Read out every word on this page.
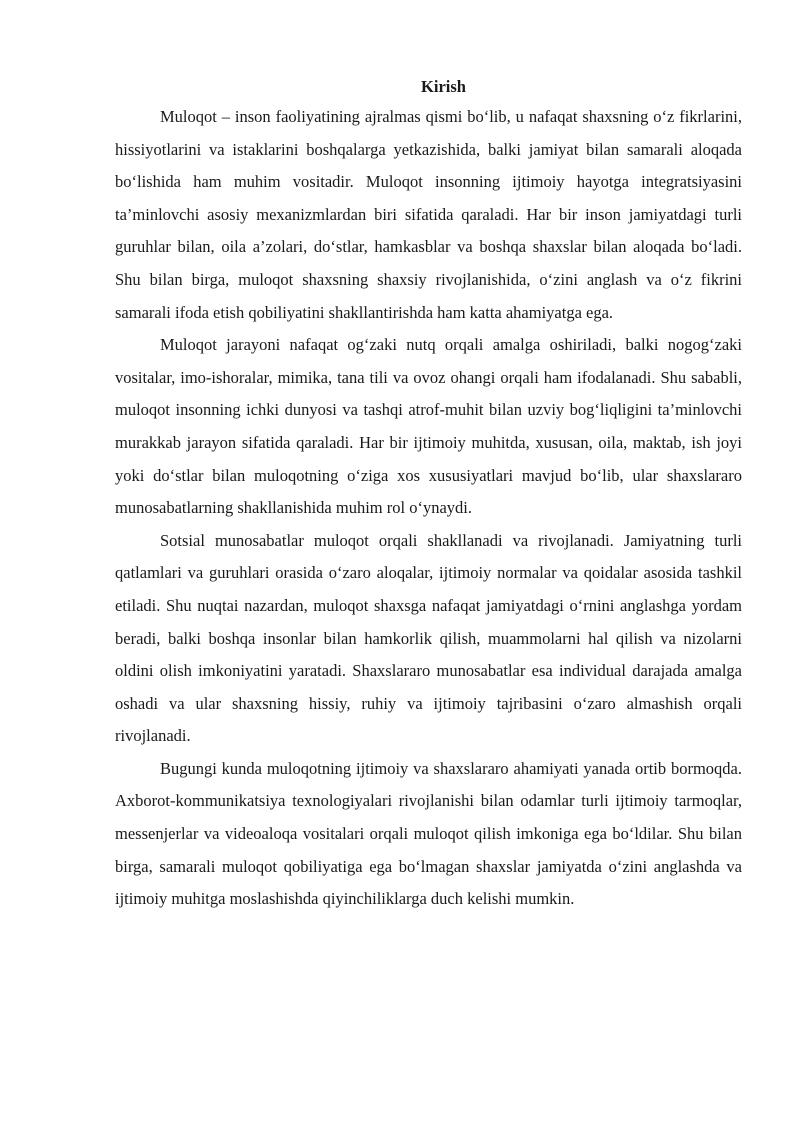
Kirish

Muloqot – inson faoliyatining ajralmas qismi bo‘lib, u nafaqat shaxsning o‘z fikrlarini, hissiyotlarini va istaklarini boshqalarga yetkazishida, balki jamiyat bilan samarali aloqada bo‘lishida ham muhim vositadir. Muloqot insonning ijtimoiy hayotga integratsiyasini ta’minlovchi asosiy mexanizmlardan biri sifatida qaraladi. Har bir inson jamiyatdagi turli guruhlar bilan, oila a’zolari, do‘stlar, hamkasblar va boshqa shaxslar bilan aloqada bo‘ladi. Shu bilan birga, muloqot shaxsning shaxsiy rivojlanishida, o‘zini anglash va o‘z fikrini samarali ifoda etish qobiliyatini shakllantirishda ham katta ahamiyatga ega.

Muloqot jarayoni nafaqat og‘zaki nutq orqali amalga oshiriladi, balki nogog‘zaki vositalar, imo-ishoralar, mimika, tana tili va ovoz ohangi orqali ham ifodalanadi. Shu sababli, muloqot insonning ichki dunyosi va tashqi atrof-muhit bilan uzviy bog‘liqligini ta’minlovchi murakkab jarayon sifatida qaraladi. Har bir ijtimoiy muhitda, xususan, oila, maktab, ish joyi yoki do‘stlar bilan muloqotning o‘ziga xos xususiyatlari mavjud bo‘lib, ular shaxslararo munosabatlarning shakllanishida muhim rol o‘ynaydi.

Sotsial munosabatlar muloqot orqali shakllanadi va rivojlanadi. Jamiyatning turli qatlamlari va guruhlari orasida o‘zaro aloqalar, ijtimoiy normalar va qoidalar asosida tashkil etiladi. Shu nuqtai nazardan, muloqot shaxsga nafaqat jamiyatdagi o‘rnini anglashga yordam beradi, balki boshqa insonlar bilan hamkorlik qilish, muammolarni hal qilish va nizolarni oldini olish imkoniyatini yaratadi. Shaxslararo munosabatlar esa individual darajada amalga oshadi va ular shaxsning hissiy, ruhiy va ijtimoiy tajribasini o‘zaro almashish orqali rivojlanadi.

Bugungi kunda muloqotning ijtimoiy va shaxslararo ahamiyati yanada ortib bormoqda. Axborot-kommunikatsiya texnologiyalari rivojlanishi bilan odamlar turli ijtimoiy tarmoqlar, messenjerlar va videoaloqa vositalari orqali muloqot qilish imkoniga ega bo‘ldilar. Shu bilan birga, samarali muloqot qobiliyatiga ega bo‘lmagan shaxslar jamiyatda o‘zini anglashda va ijtimoiy muhitga moslashishda qiyinchiliklarga duch kelishi mumkin.
